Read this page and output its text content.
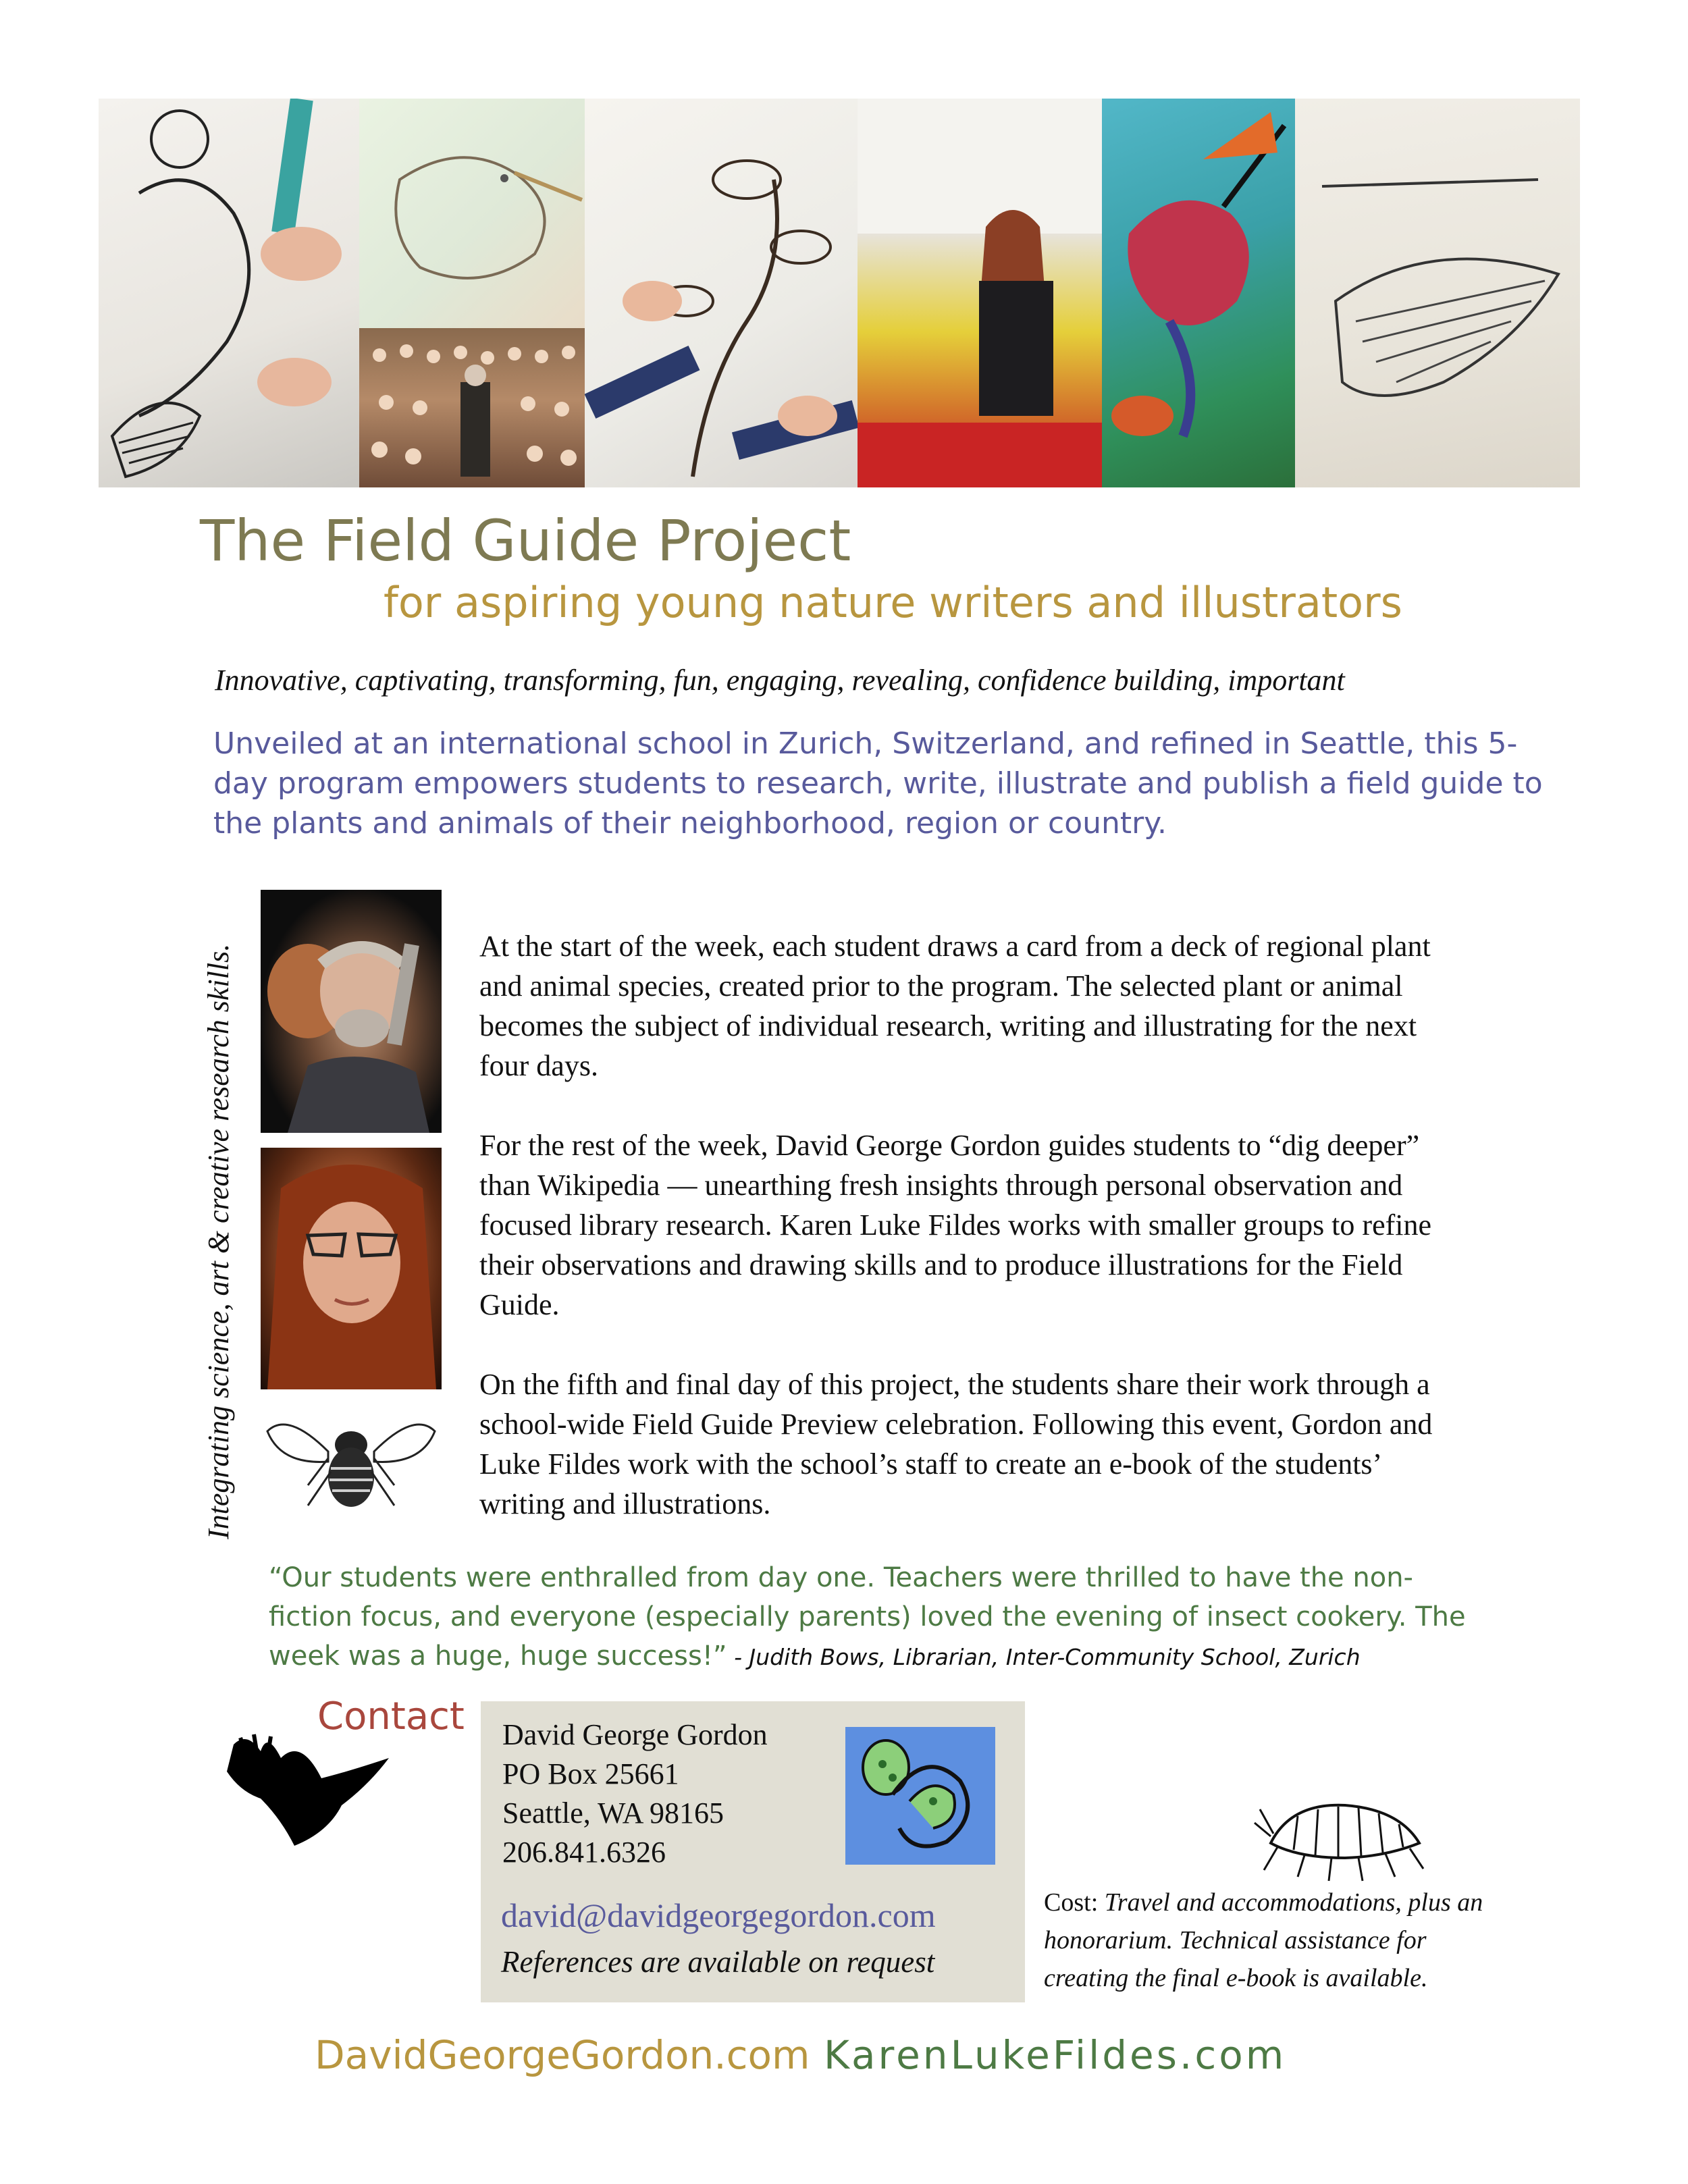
The Field Guide Project
for aspiring young nature writers and illustrators
Innovative, captivating, transforming, fun, engaging, revealing, confidence building, important
Unveiled at an international school in Zurich, Switzerland, and refined in Seattle, this 5-day program empowers students to research, write, illustrate and publish a field guide to the plants and animals of their neighborhood, region or country.
Integrating science, art & creative research skills.	At the start of the week, each student draws a card from a deck of regional plant and animal species, created prior to the program. The selected plant or animal becomes the subject of individual research, writing and illustrating for the next four days.

For the rest of the week, David George Gordon guides students to “dig deeper” than Wikipedia — unearthing fresh insights through personal observation and focused library research. Karen Luke Fildes works with smaller groups to refine their observations and drawing skills and to produce illustrations for the Field Guide.

On the fifth and final day of this project, the students share their work through a school-wide Field Guide Preview celebration. Following this event, Gordon and Luke Fildes work with the school’s staff to create an e-book of the students’ writing and illustrations.

“Our students were enthralled from day one. Teachers were thrilled to have the non-fiction focus, and everyone (especially parents) loved the evening of insect cookery. The week was a huge, huge success!” - Judith Bows, Librarian, Inter-Community School, Zurich
Contact David George Gordon
PO Box 25661
Seattle, WA 98165
206.841.6326
david@davidgeorgegordon.com
References are available on request
Cost: Travel and accommodations, plus an honorarium. Technical assistance for creating the final e-book is available.
DavidGeorgeGordon.com KarenLukeFildes.com
